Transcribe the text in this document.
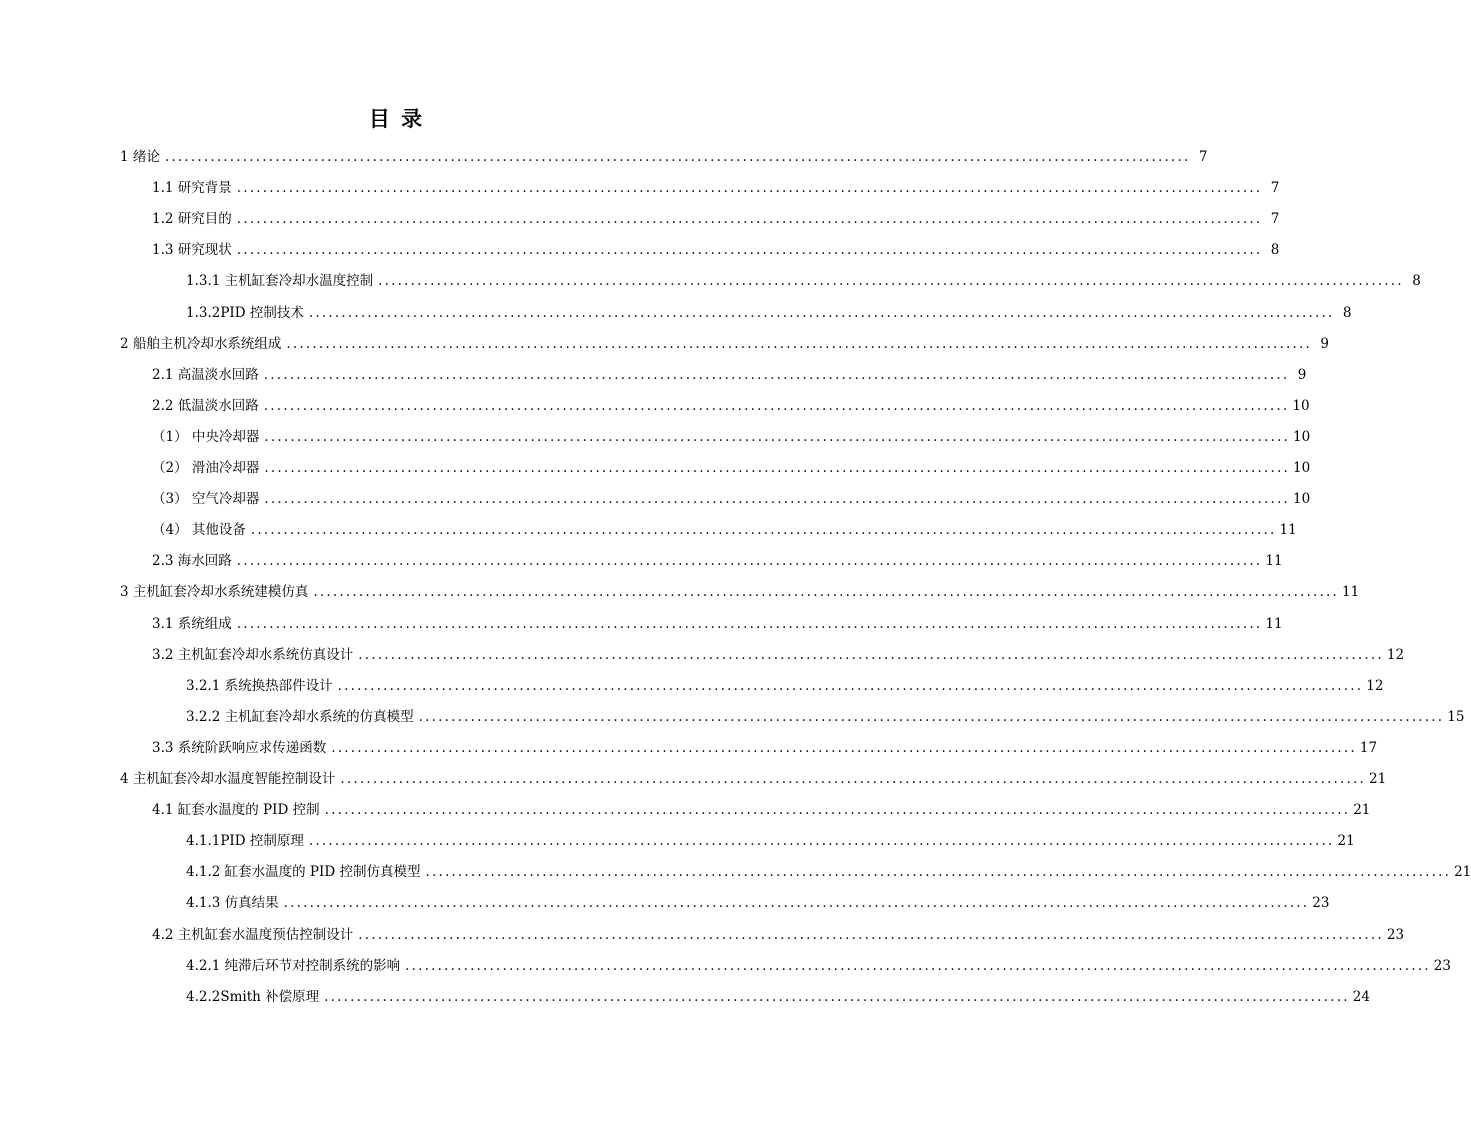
目 录
1 绪论 .............................................................................................................................................................. 7
1.1 研究背景 .............................................................................................................................................................. 7
1.2 研究目的 .............................................................................................................................................................. 7
1.3 研究现状 .............................................................................................................................................................. 8
1.3.1 主机缸套冷却水温度控制 .............................................................................................................................................................. 8
1.3.2PID 控制技术 .............................................................................................................................................................. 8
2 船舶主机冷却水系统组成 .............................................................................................................................................................. 9
2.1 高温淡水回路 .............................................................................................................................................................. 9
2.2 低温淡水回路 .............................................................................................................................................................. 10
（1） 中央冷却器 .............................................................................................................................................................. 10
（2） 滑油冷却器 .............................................................................................................................................................. 10
（3） 空气冷却器 .............................................................................................................................................................. 10
（4） 其他设备 .............................................................................................................................................................. 11
2.3 海水回路 .............................................................................................................................................................. 11
3 主机缸套冷却水系统建模仿真 .............................................................................................................................................................. 11
3.1 系统组成 .............................................................................................................................................................. 11
3.2 主机缸套冷却水系统仿真设计 .............................................................................................................................................................. 12
3.2.1 系统换热部件设计 .............................................................................................................................................................. 12
3.2.2 主机缸套冷却水系统的仿真模型 .............................................................................................................................................................. 15
3.3 系统阶跃响应求传递函数 .............................................................................................................................................................. 17
4 主机缸套冷却水温度智能控制设计 .............................................................................................................................................................. 21
4.1 缸套水温度的 PID 控制 .............................................................................................................................................................. 21
4.1.1PID 控制原理 .............................................................................................................................................................. 21
4.1.2 缸套水温度的 PID 控制仿真模型 .............................................................................................................................................................. 21
4.1.3 仿真结果 .............................................................................................................................................................. 23
4.2 主机缸套水温度预估控制设计 .............................................................................................................................................................. 23
4.2.1 纯滞后环节对控制系统的影响 .............................................................................................................................................................. 23
4.2.2Smith 补偿原理 .............................................................................................................................................................. 24
